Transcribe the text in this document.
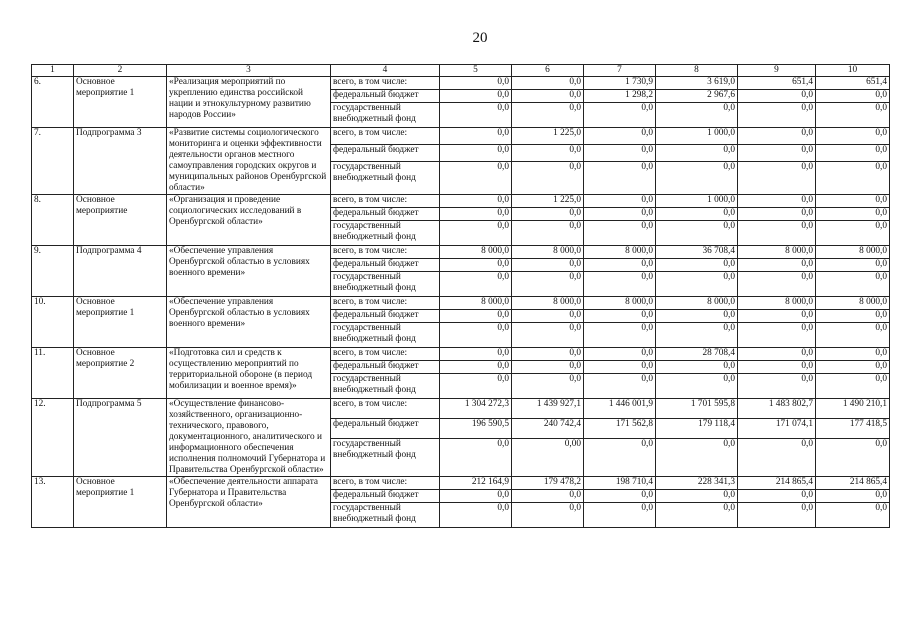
20
1	2	3	4	5	6	7	8	9	10
6.	Основное мероприятие 1	«Реализация мероприятий по укреплению единства российской нации и этнокультурному развитию народов России»	всего, в том числе:	0,0	0,0	1 730,9	3 619,0	651,4	651,4
			федеральный бюджет	0,0	0,0	1 298,2	2 967,6	0,0	0,0
			государственный внебюджетный фонд	0,0	0,0	0,0	0,0	0,0	0,0
7.	Подпрограмма 3	«Развитие системы социологического мониторинга и оценки эффективности деятельности органов местного самоуправления городских округов и муниципальных районов Оренбургской области»	всего, в том числе:	0,0	1 225,0	0,0	1 000,0	0,0	0,0
			федеральный бюджет	0,0	0,0	0,0	0,0	0,0	0,0
			государственный внебюджетный фонд	0,0	0,0	0,0	0,0	0,0	0,0
8.	Основное мероприятие	«Организация и проведение социологических исследований в Оренбургской области»	всего, в том числе:	0,0	1 225,0	0,0	1 000,0	0,0	0,0
			федеральный бюджет	0,0	0,0	0,0	0,0	0,0	0,0
			государственный внебюджетный фонд	0,0	0,0	0,0	0,0	0,0	0,0
9.	Подпрограмма 4	«Обеспечение управления Оренбургской областью в условиях военного времени»	всего, в том числе:	8 000,0	8 000,0	8 000,0	36 708,4	8 000,0	8 000,0
			федеральный бюджет	0,0	0,0	0,0	0,0	0,0	0,0
			государственный внебюджетный фонд	0,0	0,0	0,0	0,0	0,0	0,0
10.	Основное мероприятие 1	«Обеспечение управления Оренбургской областью в условиях военного времени»	всего, в том числе:	8 000,0	8 000,0	8 000,0	8 000,0	8 000,0	8 000,0
			федеральный бюджет	0,0	0,0	0,0	0,0	0,0	0,0
			государственный внебюджетный фонд	0,0	0,0	0,0	0,0	0,0	0,0
11.	Основное мероприятие 2	«Подготовка сил и средств к осуществлению мероприятий по территориальной обороне (в период мобилизации и военное время)»	всего, в том числе:	0,0	0,0	0,0	28 708,4	0,0	0,0
			федеральный бюджет	0,0	0,0	0,0	0,0	0,0	0,0
			государственный внебюджетный фонд	0,0	0,0	0,0	0,0	0,0	0,0
12.	Подпрограмма 5	«Осуществление финансово-хозяйственного, организационно-технического, правового, документационного, аналитического и информационного обеспечения исполнения полномочий Губернатора и Правительства Оренбургской области»	всего, в том числе:	1 304 272,3	1 439 927,1	1 446 001,9	1 701 595,8	1 483 802,7	1 490 210,1
			федеральный бюджет	196 590,5	240 742,4	171 562,8	179 118,4	171 074,1	177 418,5
			государственный внебюджетный фонд	0,0	0,00	0,0	0,0	0,0	0,0
13.	Основное мероприятие 1	«Обеспечение деятельности аппарата Губернатора и Правительства Оренбургской области»	всего, в том числе:	212 164,9	179 478,2	198 710,4	228 341,3	214 865,4	214 865,4
			федеральный бюджет	0,0	0,0	0,0	0,0	0,0	0,0
			государственный внебюджетный фонд	0,0	0,0	0,0	0,0	0,0	0,0
